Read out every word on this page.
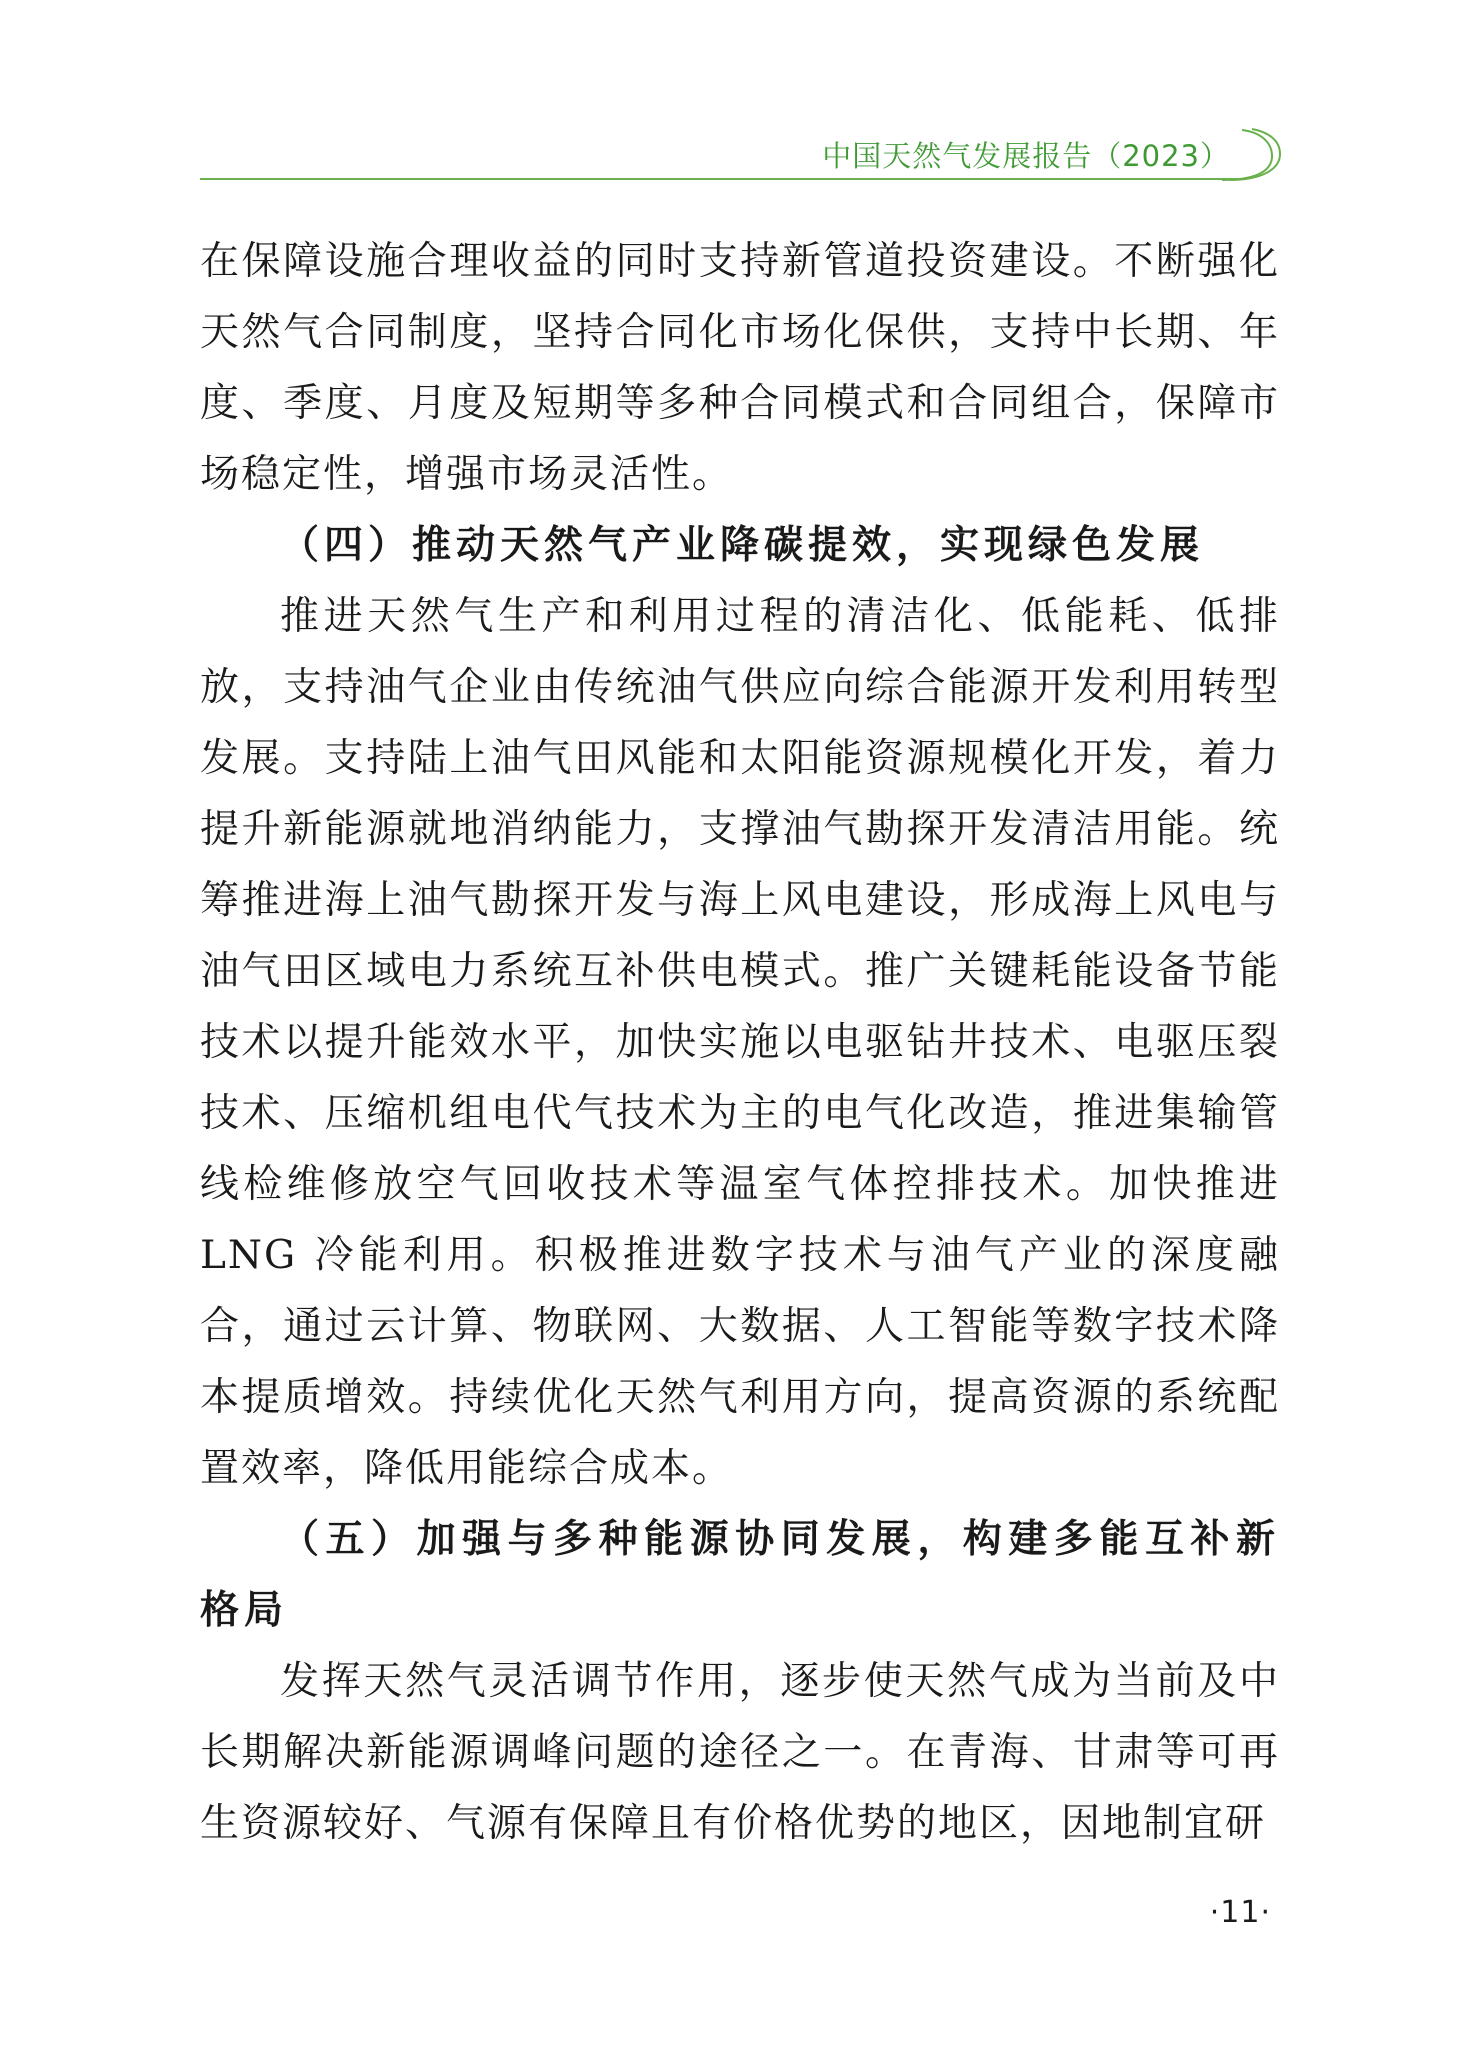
中国天然气发展报告（2023）

在保障设施合理收益的同时支持新管道投资建设。不断强化天然气合同制度，坚持合同化市场化保供，支持中长期、年度、季度、月度及短期等多种合同模式和合同组合，保障市场稳定性，增强市场灵活性。

（四）推动天然气产业降碳提效，实现绿色发展

推进天然气生产和利用过程的清洁化、低能耗、低排放，支持油气企业由传统油气供应向综合能源开发利用转型发展。支持陆上油气田风能和太阳能资源规模化开发，着力提升新能源就地消纳能力，支撑油气勘探开发清洁用能。统筹推进海上油气勘探开发与海上风电建设，形成海上风电与油气田区域电力系统互补供电模式。推广关键耗能设备节能技术以提升能效水平，加快实施以电驱钻井技术、电驱压裂技术、压缩机组电代气技术为主的电气化改造，推进集输管线检维修放空气回收技术等温室气体控排技术。加快推进 LNG 冷能利用。积极推进数字技术与油气产业的深度融合，通过云计算、物联网、大数据、人工智能等数字技术降本提质增效。持续优化天然气利用方向，提高资源的系统配置效率，降低用能综合成本。

（五）加强与多种能源协同发展，构建多能互补新格局

发挥天然气灵活调节作用，逐步使天然气成为当前及中长期解决新能源调峰问题的途径之一。在青海、甘肃等可再生资源较好、气源有保障且有价格优势的地区，因地制宜研

·11·
